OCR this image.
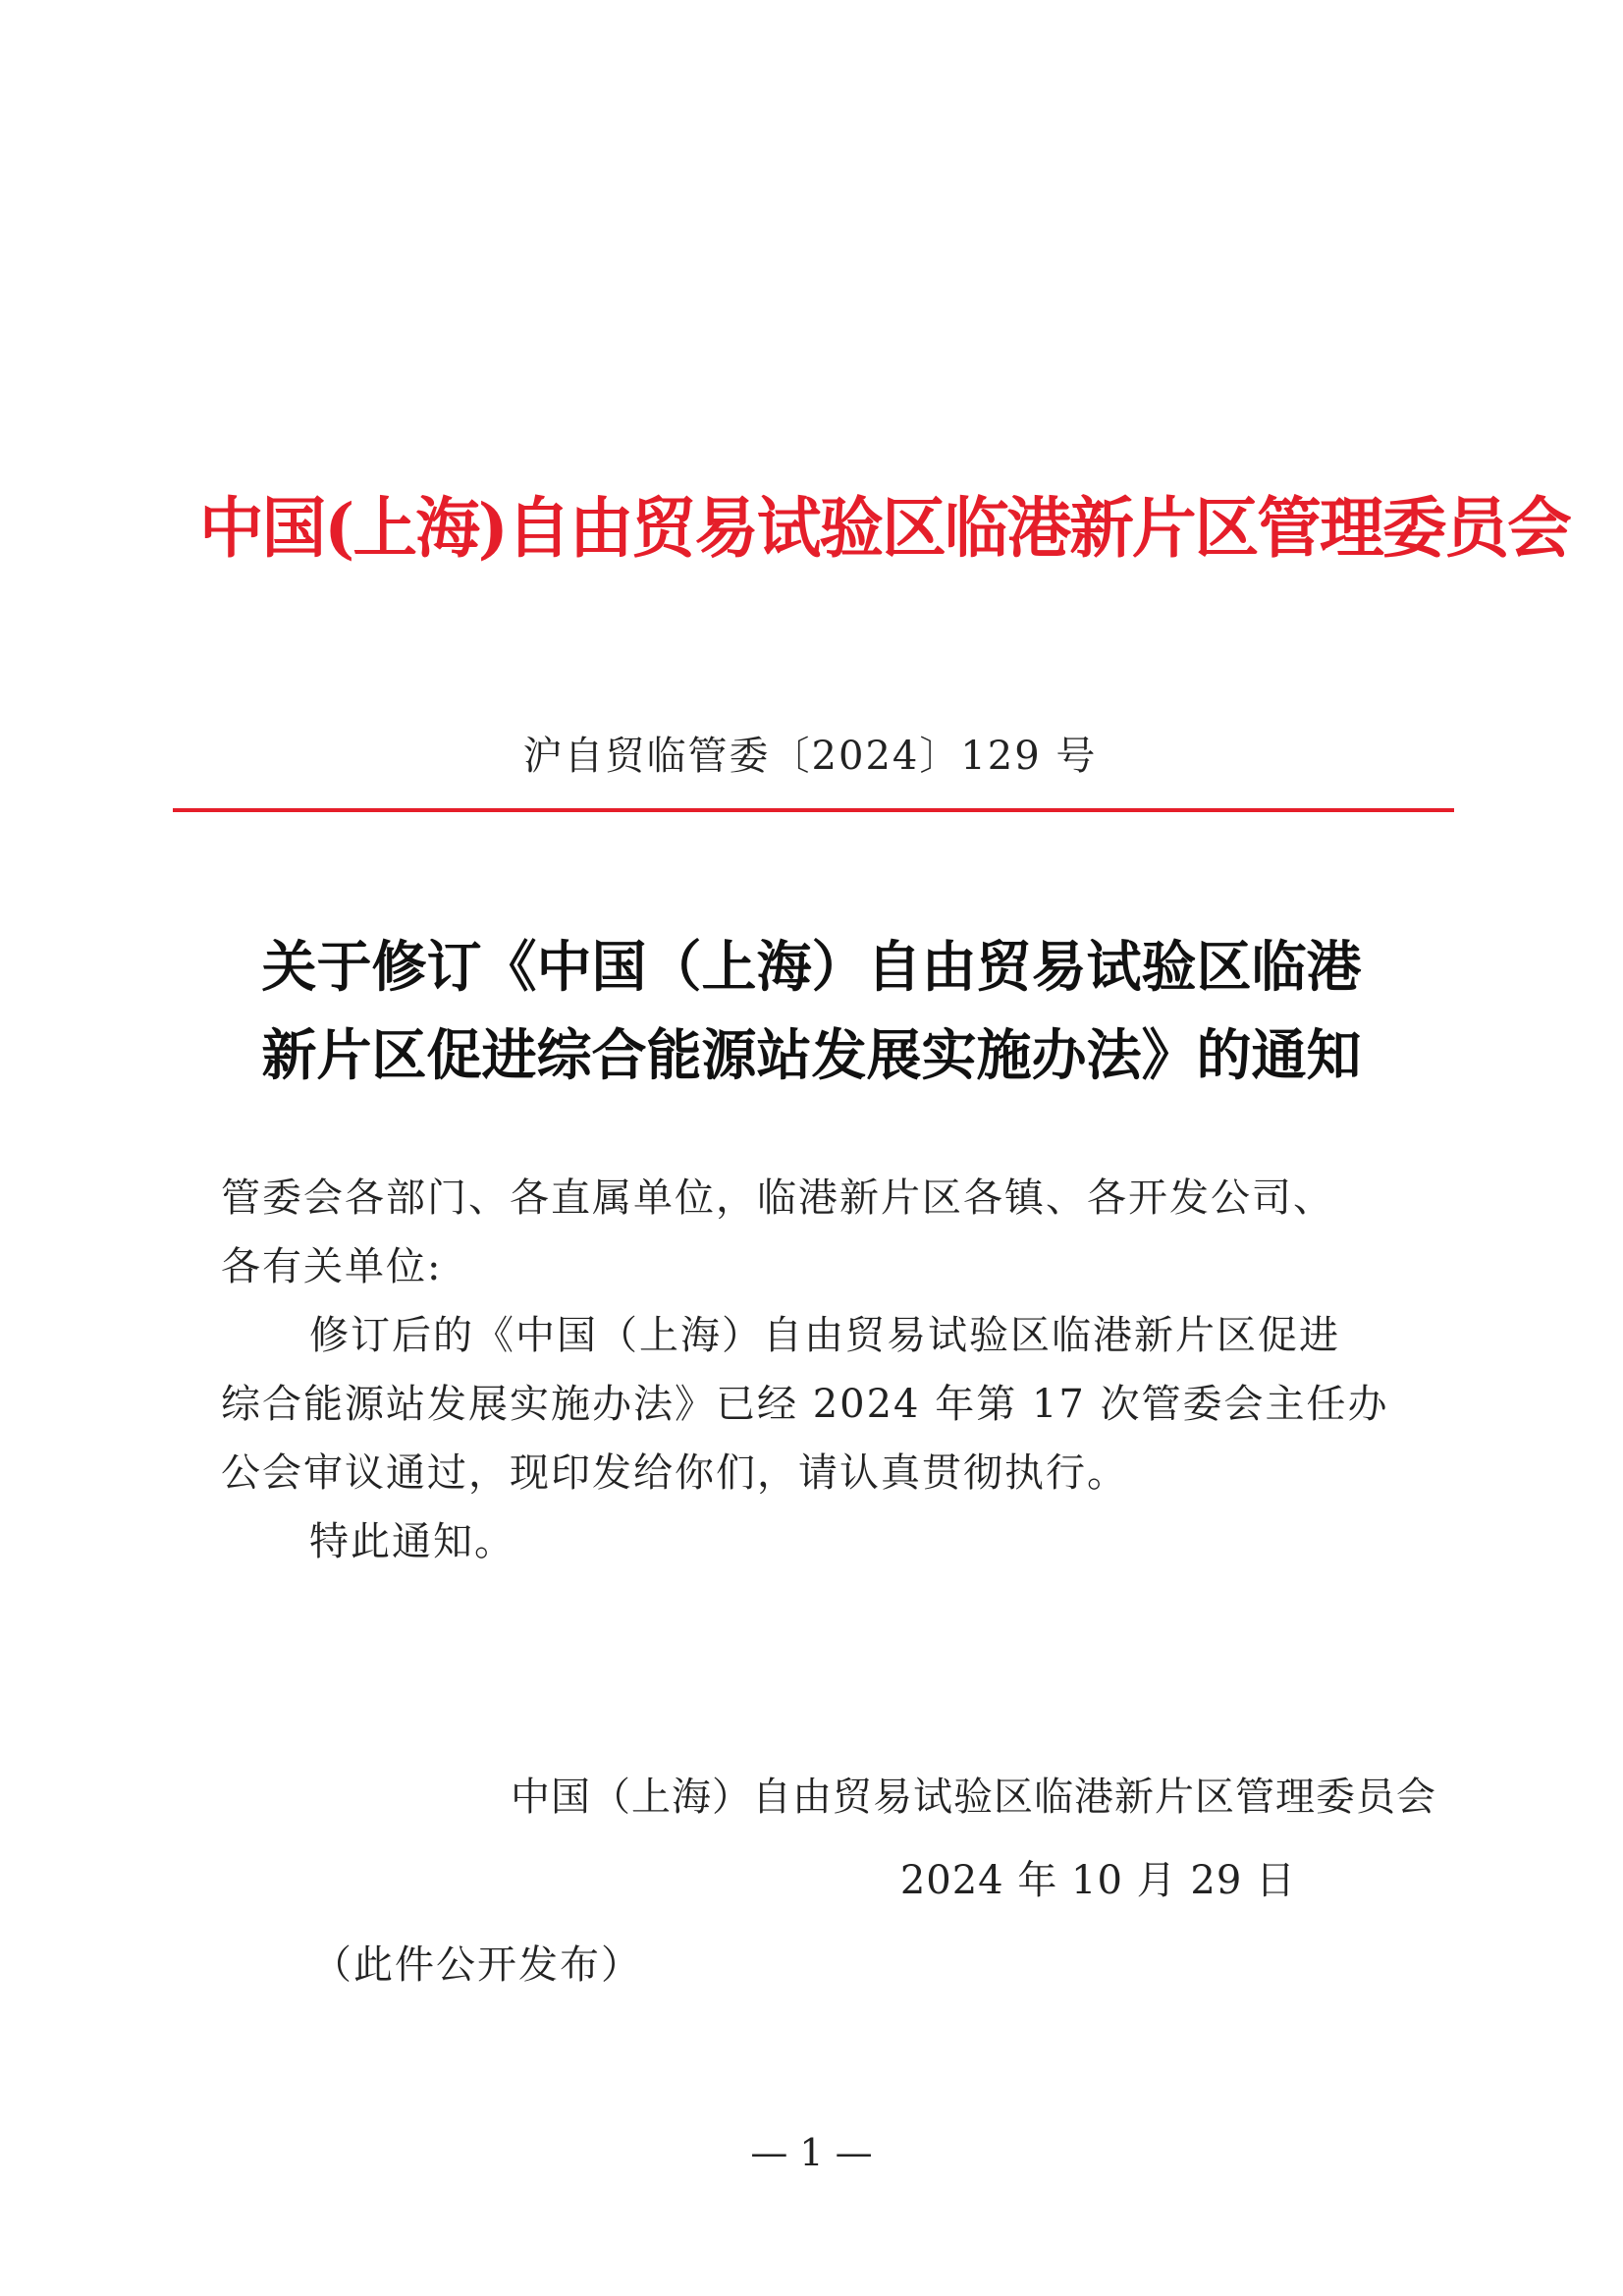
中国(上海)自由贸易试验区临港新片区管理委员会
沪自贸临管委〔2024〕129 号
关于修订《中国（上海）自由贸易试验区临港
新片区促进综合能源站发展实施办法》的通知
管委会各部门、各直属单位，临港新片区各镇、各开发公司、
各有关单位:
修订后的《中国（上海）自由贸易试验区临港新片区促进
综合能源站发展实施办法》已经 2024 年第 17 次管委会主任办
公会审议通过，现印发给你们，请认真贯彻执行。
特此通知。
中国（上海）自由贸易试验区临港新片区管理委员会
2024 年 10 月 29 日
（此件公开发布）
— 1 —
